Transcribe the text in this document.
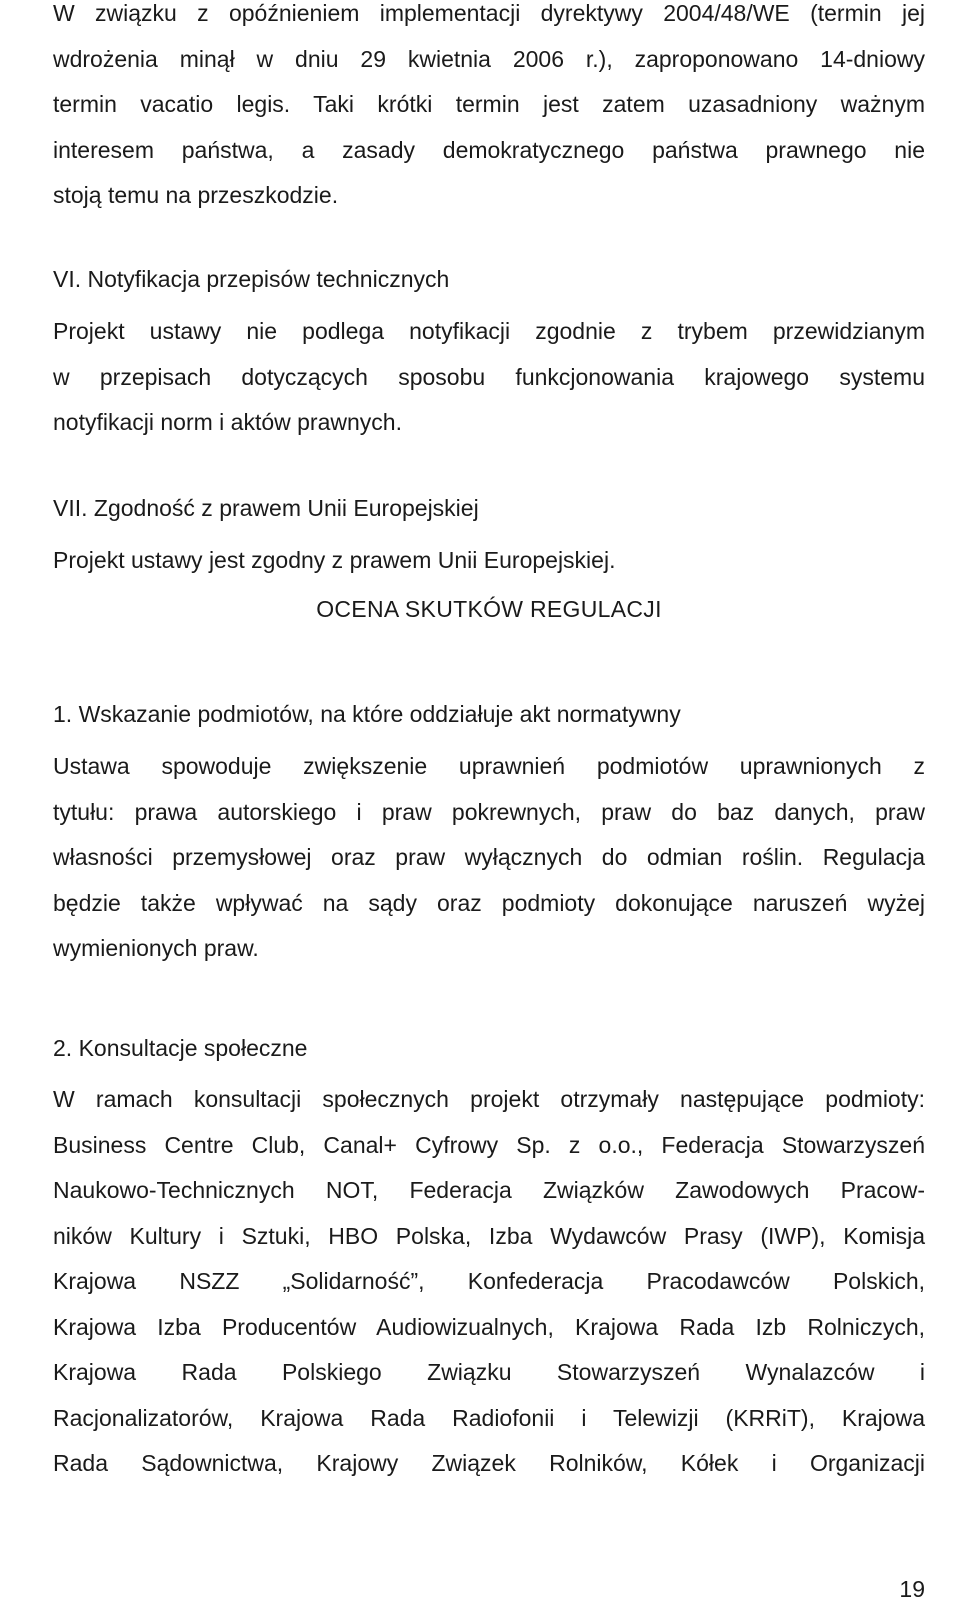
W związku z opóźnieniem implementacji dyrektywy 2004/48/WE (termin jej

wdrożenia minął w dniu 29 kwietnia 2006 r.), zaproponowano 14-dniowy

termin vacatio legis. Taki krótki termin jest zatem uzasadniony ważnym

interesem państwa, a zasady demokratycznego państwa prawnego nie

stoją temu na przeszkodzie.

VI. Notyfikacja przepisów technicznych

Projekt ustawy nie podlega notyfikacji zgodnie z trybem przewidzianym

w przepisach dotyczących sposobu funkcjonowania krajowego systemu

notyfikacji norm i aktów prawnych.

VII. Zgodność z prawem Unii Europejskiej

Projekt ustawy jest zgodny z prawem Unii Europejskiej.

OCENA SKUTKÓW REGULACJI
1. Wskazanie podmiotów, na które oddziałuje akt normatywny

Ustawa spowoduje zwiększenie uprawnień podmiotów uprawnionych z

tytułu: prawa autorskiego i praw pokrewnych, praw do baz danych, praw

własności przemysłowej oraz praw wyłącznych do odmian roślin. Regulacja

będzie także wpływać na sądy oraz podmioty dokonujące naruszeń wyżej

wymienionych praw.

2. Konsultacje społeczne

W ramach konsultacji społecznych projekt otrzymały następujące podmioty:

Business Centre Club, Canal+ Cyfrowy Sp. z o.o., Federacja Stowarzyszeń

Naukowo-Technicznych NOT, Federacja Związków Zawodowych Pracow-

ników Kultury i Sztuki, HBO Polska, Izba Wydawców Prasy (IWP), Komisja

Krajowa NSZZ „Solidarność”, Konfederacja Pracodawców Polskich,

Krajowa Izba Producentów Audiowizualnych, Krajowa Rada Izb Rolniczych,

Krajowa Rada Polskiego Związku Stowarzyszeń Wynalazców i

Racjonalizatorów, Krajowa Rada Radiofonii i Telewizji (KRRiT), Krajowa

Rada Sądownictwa, Krajowy Związek Rolników, Kółek i Organizacji

19
